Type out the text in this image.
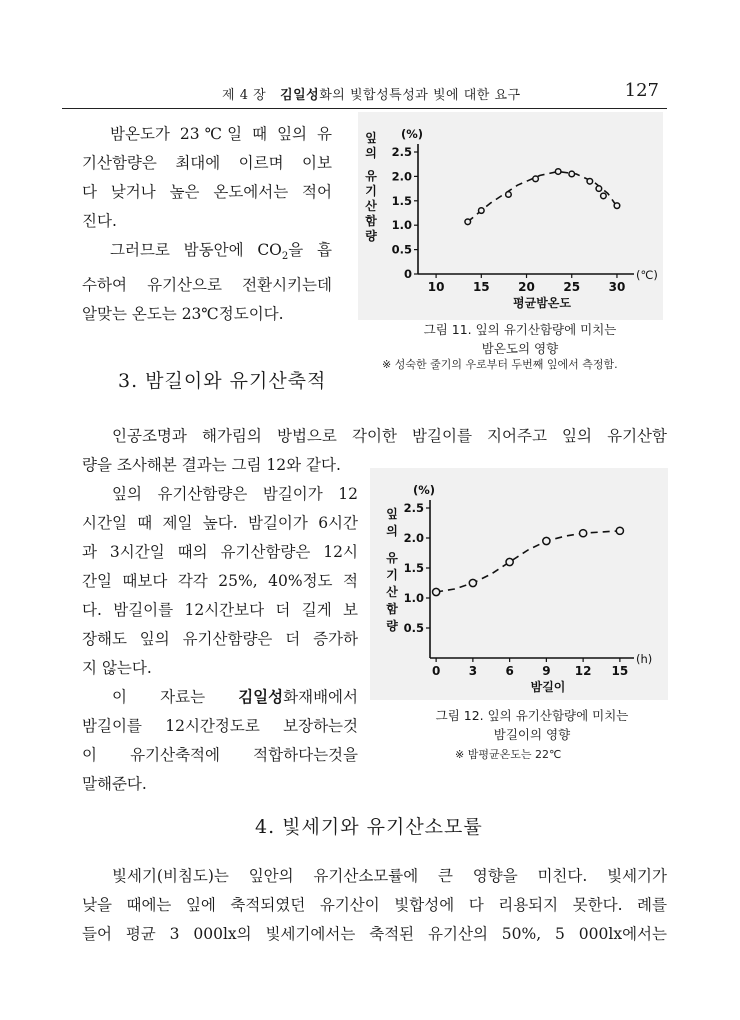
제 4 장 김일성화의 빛합성특성과 빛에 대한 요구	127
밤온도가 23℃일 때 잎의 유
기산함량은 최대에 이르며 이보
다 낮거나 높은 온도에서는 적어
진다.
그러므로 밤동안에 $CO_2$을 흡
수하여 유기산으로 전환시키는데
알맞는 온도는 23℃정도이다.
0
0.5
1.0
1.5
2.0
2.5
10 15 20 25 30
(%)
(℃)
평균밤온도
잎
의
유
기
산
함
량
그림 11. 잎의 유기산함량에 미치는
밤온도의 영향
※ 성숙한 줄기의 우로부터 두번째 잎에서 측정함.
3. 밤길이와 유기산축적
인공조명과 해가림의 방법으로 각이한 밤길이를 지어주고 잎의 유기산함
량을 조사해본 결과는 그림 12와 같다.
잎의 유기산함량은 밤길이가 12
시간일 때 제일 높다. 밤길이가 6시간
과 3시간일 때의 유기산함량은 12시
간일 때보다 각각 25%, 40%정도 적
다. 밤길이를 12시간보다 더 길게 보
장해도 잎의 유기산함량은 더 증가하
지 않는다.
이 자료는 김일성화재배에서
밤길이를 12시간정도로 보장하는것
이 유기산축적에 적합하다는것을
말해준다.
0.5
1.0
1.5
2.0
2.5
0 3 6 9 12 15
(%)
(h)
밤길이
잎
의
유
기
산
함
량
그림 12. 잎의 유기산함량에 미치는
밤길이의 영향
※ 밤평균온도는 22℃
4. 빛세기와 유기산소모률
빛세기(비침도)는 잎안의 유기산소모률에 큰 영향을 미친다. 빛세기가
낮을 때에는 잎에 축적되였던 유기산이 빛합성에 다 리용되지 못한다. 례를
들어 평균 3 000lx의 빛세기에서는 축적된 유기산의 50%, 5 000lx에서는
